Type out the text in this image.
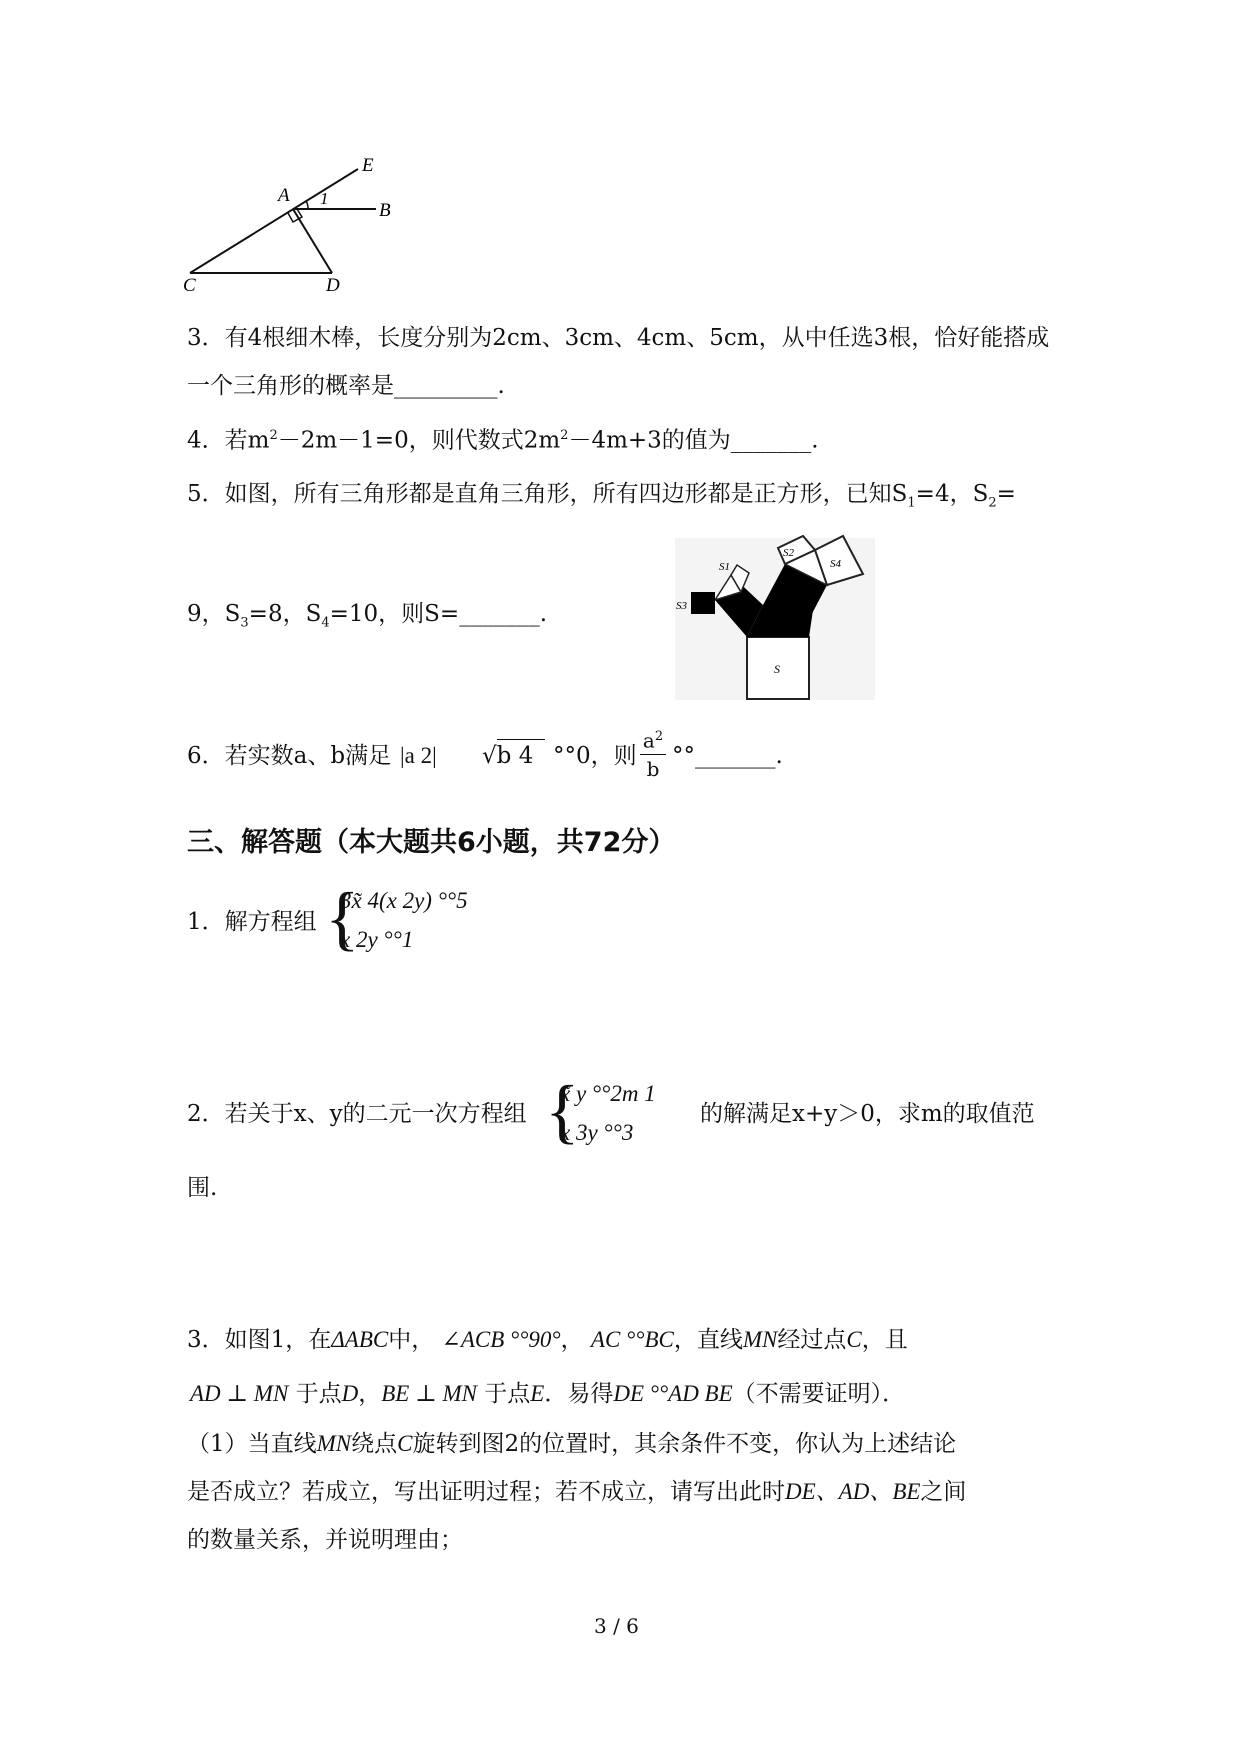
E
A 1
B
C	D
3．有4根细木棒，长度分别为2cm、3cm、4cm、5cm，从中任选3根，恰好能搭成
一个三角形的概率是_________.
4．若$m^2-2m-1=0$，则代数式$2m^2-4m+3$的值为_______.
5．如图，所有三角形都是直角三角形，所有四边形都是正方形，已知$S_1=4$，$S_2=$
9，$S_3=8$，$S_4=10$，则S=_______.
S1
S3
S2
S4
S
6．若实数a、b满足 |a 2| √b 4 °°0，则
$a^2$
b °°_______.
三、解答题（本大题共6小题，共72分）
1．解方程组 {
3x̃ 4(x 2y) °°5
x 2y °°1
2．若关于x、y的二元一次方程组 {
x̃ y °°2m 1
x 3y °°3
的解满足x+y＞0，求m的取值范
围.
3．如图1，在ΔABC中， ∠ACB °°90°， AC °°BC，直线MN经过点C，且
AD ⊥ MN 于点D，BE ⊥ MN 于点E．易得DE °°AD BE（不需要证明）．
（1）当直线MN绕点C旋转到图2的位置时，其余条件不变，你认为上述结论
是否成立？若成立，写出证明过程；若不成立，请写出此时DE、AD、BE之间
的数量关系，并说明理由；
3 / 6
